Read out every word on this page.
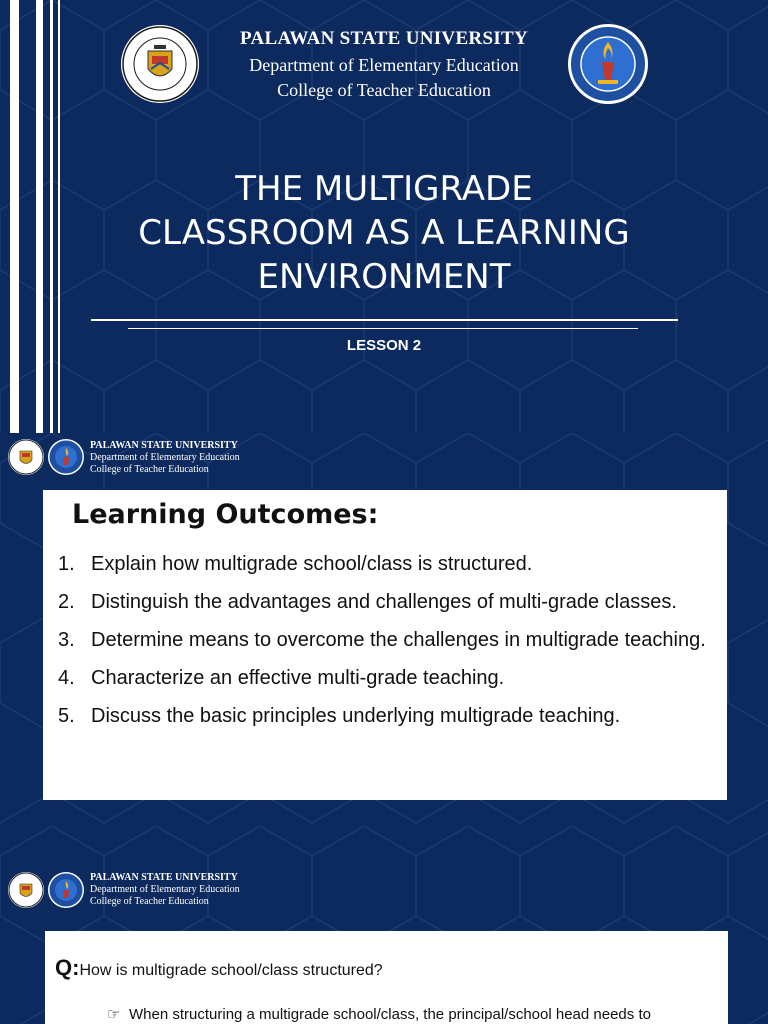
PALAWAN STATE UNIVERSITY
Department of Elementary Education
College of Teacher Education
THE MULTIGRADE
CLASSROOM AS A LEARNING
ENVIRONMENT
LESSON 2
PALAWAN STATE UNIVERSITY
Department of Elementary Education
College of Teacher Education
Learning Outcomes:
1. Explain how multigrade school/class is structured.
2. Distinguish the advantages and challenges of multi-grade classes.
3. Determine means to overcome the challenges in multigrade teaching.
4. Characterize an effective multi-grade teaching.
5. Discuss the basic principles underlying multigrade teaching.
PALAWAN STATE UNIVERSITY
Department of Elementary Education
College of Teacher Education
Q:How is multigrade school/class structured?
☞ When structuring a multigrade school/class, the principal/school head needs to
